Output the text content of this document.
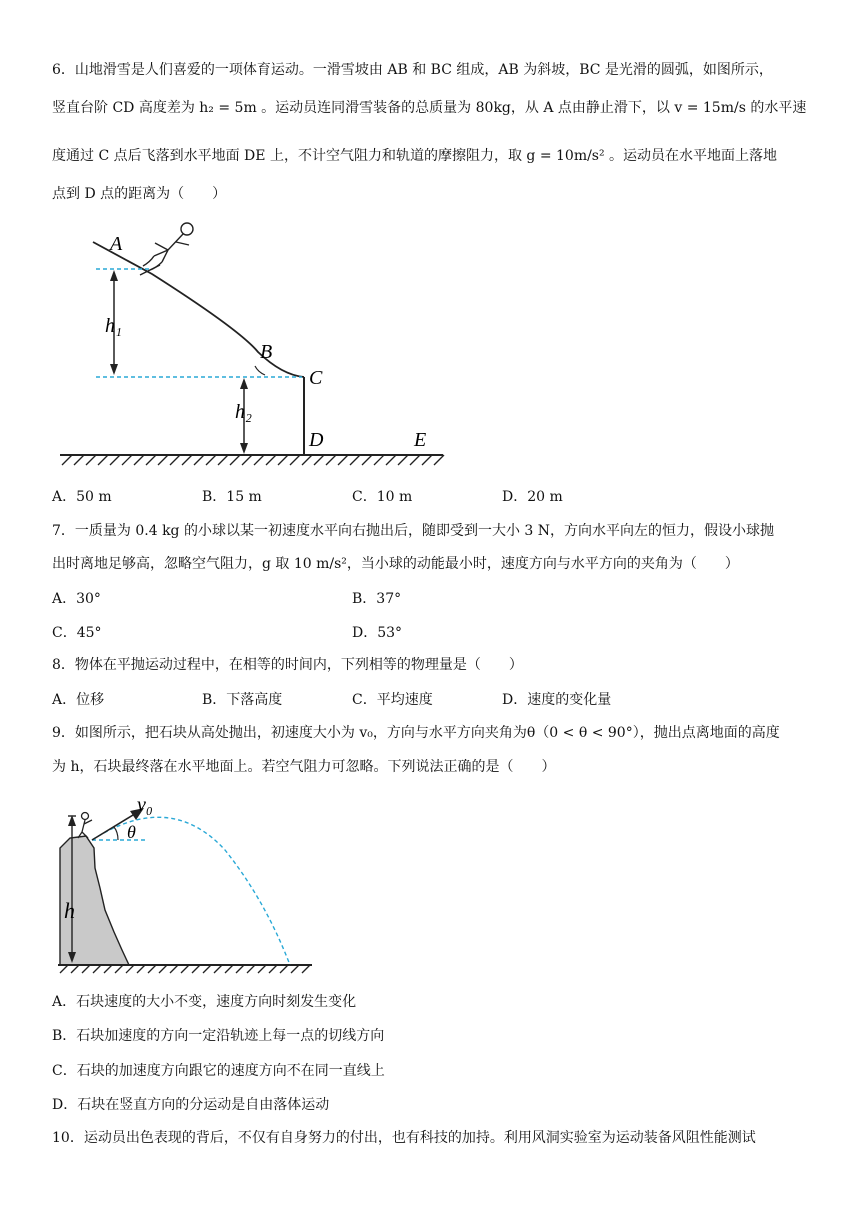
6．山地滑雪是人们喜爱的一项体育运动。一滑雪坡由 AB 和 BC 组成，AB 为斜坡，BC 是光滑的圆弧，如图所示，
竖直台阶 CD 高度差为 h₂ = 5m 。运动员连同滑雪装备的总质量为 80kg，从 A 点由静止滑下，以 v = 15m/s 的水平速
度通过 C 点后飞落到水平地面 DE 上，不计空气阻力和轨道的摩擦阻力，取 g = 10m/s² 。运动员在水平地面上落地
点到 D 点的距离为（　　）
A
B
C
D	E
h₁
h₂
A．50 m	B．15 m	C．10 m	D．20 m
7．一质量为 0.4 kg 的小球以某一初速度水平向右抛出后，随即受到一大小 3 N，方向水平向左的恒力，假设小球抛
出时离地足够高，忽略空气阻力，g 取 10 m/s²，当小球的动能最小时，速度方向与水平方向的夹角为（　　）
A．30°	B．37°
C．45°	D．53°
8．物体在平抛运动过程中，在相等的时间内，下列相等的物理量是（　　）
A．位移	B．下落高度	C．平均速度	D．速度的变化量
9．如图所示，把石块从高处抛出，初速度大小为 v₀，方向与水平方向夹角为θ（0 < θ < 90°），抛出点离地面的高度
为 h，石块最终落在水平地面上。若空气阻力可忽略。下列说法正确的是（　　）
v₀
θ
h
A．石块速度的大小不变，速度方向时刻发生变化
B．石块加速度的方向一定沿轨迹上每一点的切线方向
C．石块的加速度方向跟它的速度方向不在同一直线上
D．石块在竖直方向的分运动是自由落体运动
10．运动员出色表现的背后，不仅有自身努力的付出，也有科技的加持。利用风洞实验室为运动装备风阻性能测试
